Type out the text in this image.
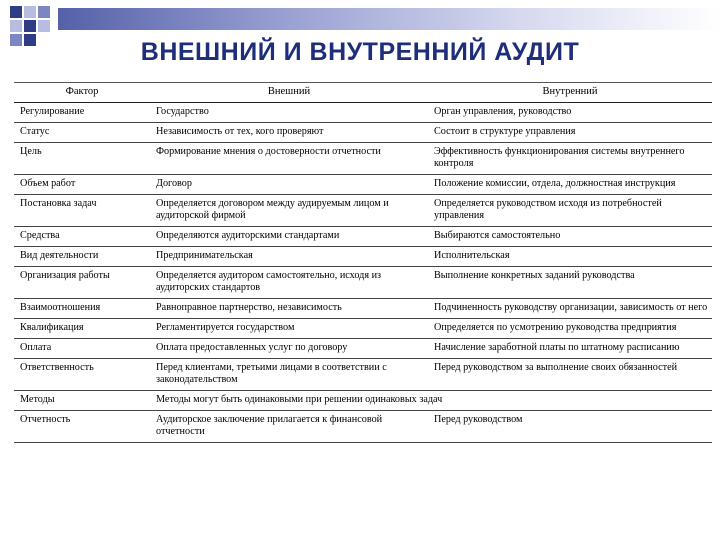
ВНЕШНИЙ И ВНУТРЕННИЙ АУДИТ
Фактор	Внешний	Внутренний
Регулирование	Государство	Орган управления, руководство
Статус	Независимость от тех, кого проверяют	Состоит в структуре управления
Цель	Формирование мнения о достоверности отчетности	Эффективность функционирования системы внутреннего контроля
Объем работ	Договор	Положение комиссии, отдела, должностная инструкция
Постановка задач	Определяется договором между аудируемым лицом и аудиторской фирмой	Определяется руководством исходя из потребностей управления
Средства	Определяются аудиторскими стандартами	Выбираются самостоятельно
Вид деятельности	Предпринимательская	Исполнительская
Организация работы	Определяется аудитором самостоятельно, исходя из аудиторских стандартов	Выполнение конкретных заданий руководства
Взаимоотношения	Равноправное партнерство, независимость	Подчиненность руководству организации, зависимость от него
Квалификация	Регламентируется государством	Определяется по усмотрению руководства предприятия
Оплата	Оплата предоставленных услуг по договору	Начисление заработной платы по штатному расписанию
Ответственность	Перед клиентами, третьими лицами в соответствии с законодательством	Перед руководством за выполнение своих обязанностей
Методы	Методы могут быть одинаковыми при решении одинаковых задач	
Отчетность	Аудиторское заключение прилагается к финансовой отчетности	Перед руководством
